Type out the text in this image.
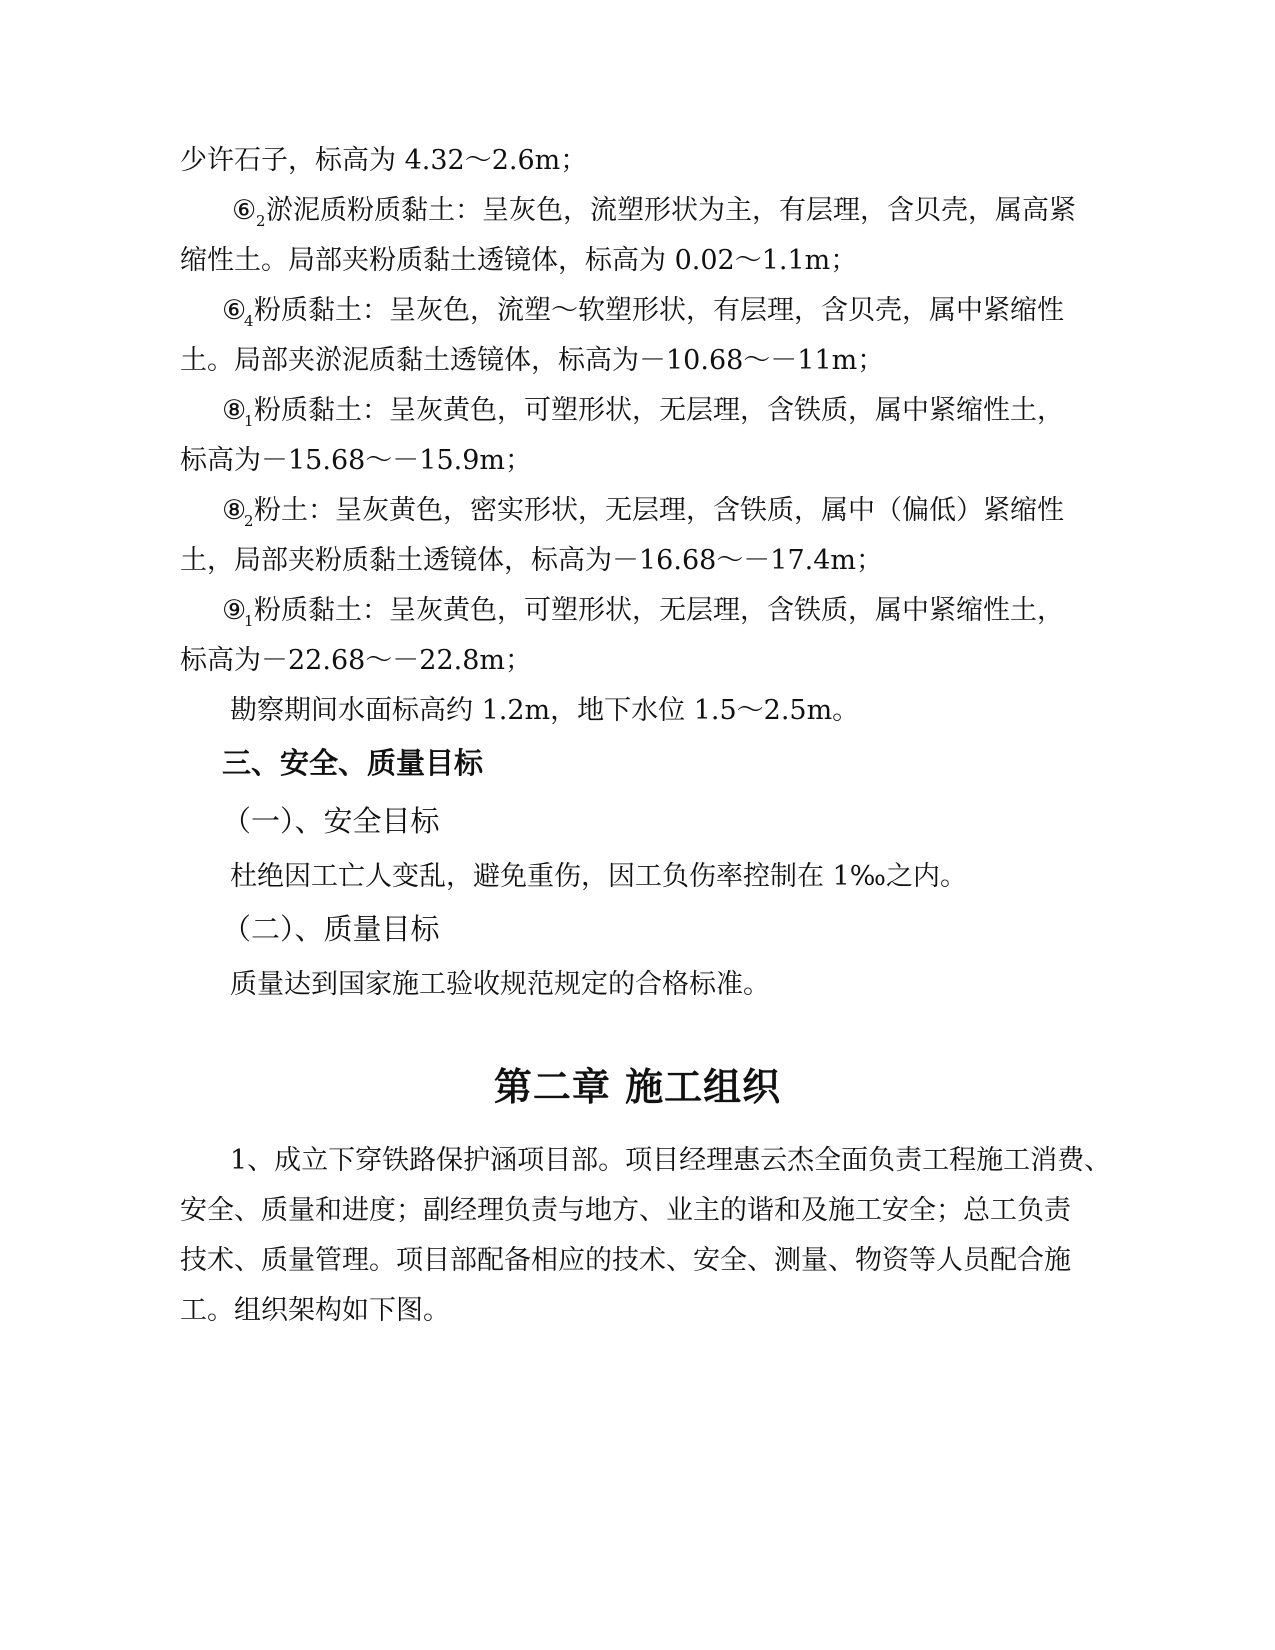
少许石子，标高为 4.32～2.6m；
⑥ 2 淤泥质粉质黏土：呈灰色，流塑形状为主，有层理，含贝壳，属高紧
缩性土。局部夹粉质黏土透镜体，标高为 0.02～1.1m；
⑥
4 粉质黏土：呈灰色，流塑～软塑形状，有层理，含贝壳，属中紧缩性
土。局部夹淤泥质黏土透镜体，标高为－10.68～－11m；
⑧
1 粉质黏土：呈灰黄色，可塑形状，无层理，含铁质，属中紧缩性土，
标高为－15.68～－15.9m；
⑧
2 粉土：呈灰黄色，密实形状，无层理，含铁质，属中（偏低）紧缩性
土，局部夹粉质黏土透镜体，标高为－16.68～－17.4m；
⑨
1 粉质黏土：呈灰黄色，可塑形状，无层理，含铁质，属中紧缩性土，
标高为－22.68～－22.8m；
勘察期间水面标高约 1.2m，地下水位 1.5～2.5m。
三、安全、质量目标
（一）、安全目标
杜绝因工亡人变乱，避免重伤，因工负伤率控制在 1‰之内。
（二）、质量目标
质量达到国家施工验收规范规定的合格标准。
第二章 施工组织
1、成立下穿铁路保护涵项目部。项目经理惠云杰全面负责工程施工消费、
安全、质量和进度；副经理负责与地方、业主的谐和及施工安全；总工负责
技术、质量管理。项目部配备相应的技术、安全、测量、物资等人员配合施
工。组织架构如下图。
